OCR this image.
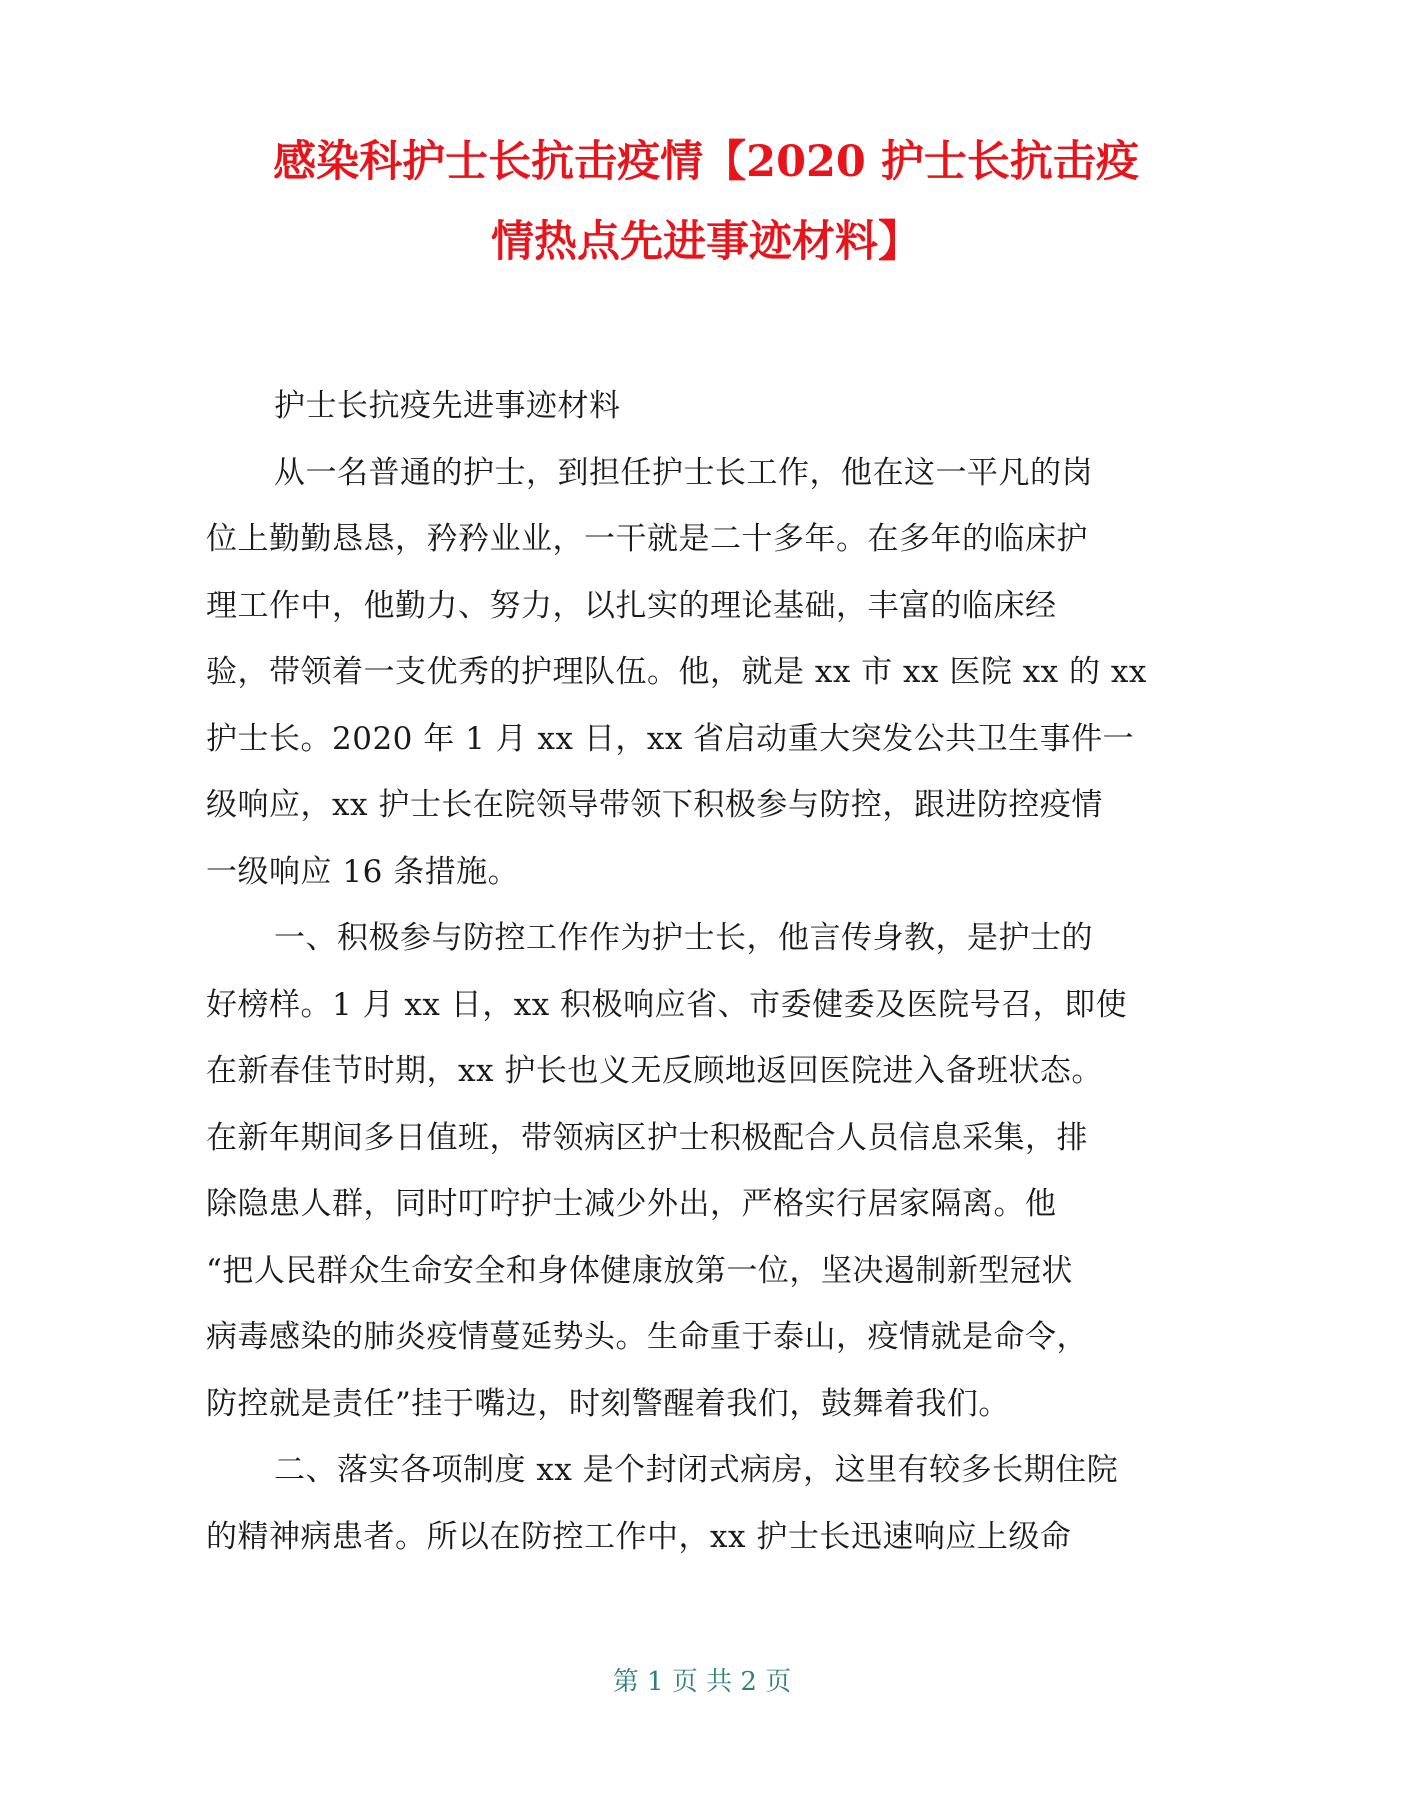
感染科护士长抗击疫情【2020 护士长抗击疫
情热点先进事迹材料】
护士长抗疫先进事迹材料
从一名普通的护士，到担任护士长工作，他在这一平凡的岗
位上勤勤恳恳，矜矜业业，一干就是二十多年。在多年的临床护
理工作中，他勤力、努力，以扎实的理论基础，丰富的临床经
验，带领着一支优秀的护理队伍。他，就是 xx 市 xx 医院 xx 的 xx
护士长。2020 年 1 月 xx 日，xx 省启动重大突发公共卫生事件一
级响应，xx 护士长在院领导带领下积极参与防控，跟进防控疫情
一级响应 16 条措施。
一、积极参与防控工作作为护士长，他言传身教，是护士的
好榜样。1 月 xx 日，xx 积极响应省、市委健委及医院号召，即使
在新春佳节时期，xx 护长也义无反顾地返回医院进入备班状态。
在新年期间多日值班，带领病区护士积极配合人员信息采集，排
除隐患人群，同时叮咛护士减少外出，严格实行居家隔离。他
“把人民群众生命安全和身体健康放第一位，坚决遏制新型冠状
病毒感染的肺炎疫情蔓延势头。生命重于泰山，疫情就是命令，
防控就是责任”挂于嘴边，时刻警醒着我们，鼓舞着我们。
二、落实各项制度 xx 是个封闭式病房，这里有较多长期住院
的精神病患者。所以在防控工作中，xx 护士长迅速响应上级命
第 1 页 共 2 页
